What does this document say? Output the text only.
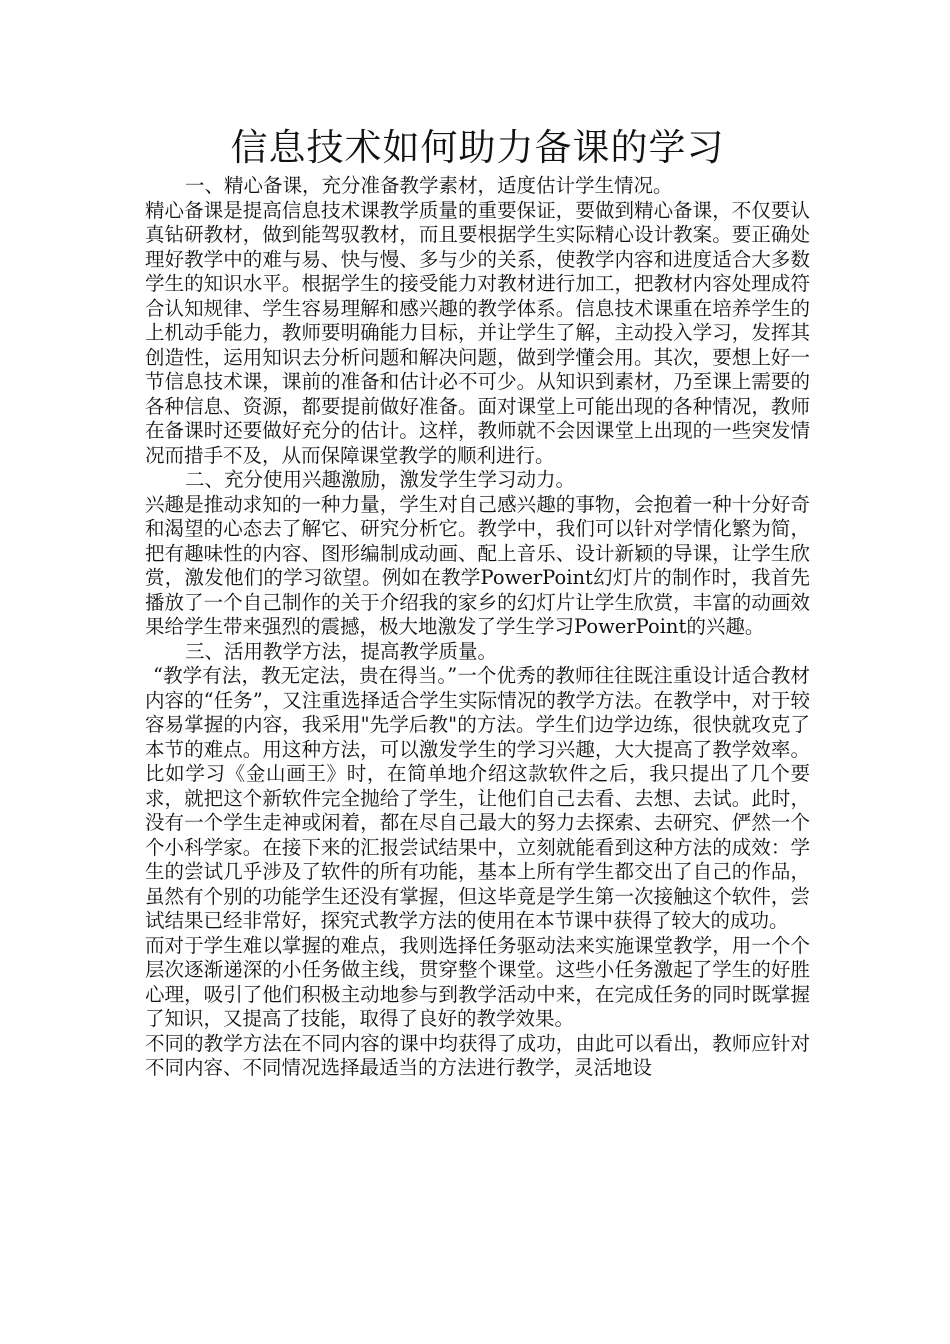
信息技术如何助力备课的学习

一、精心备课，充分准备教学素材，适度估计学生情况。

精心备课是提高信息技术课教学质量的重要保证，要做到精心备课，不仅要认真钻研教材，做到能驾驭教材，而且要根据学生实际精心设计教案。要正确处理好教学中的难与易、快与慢、多与少的关系，使教学内容和进度适合大多数学生的知识水平。根据学生的接受能力对教材进行加工，把教材内容处理成符合认知规律、学生容易理解和感兴趣的教学体系。信息技术课重在培养学生的上机动手能力，教师要明确能力目标，并让学生了解，主动投入学习，发挥其创造性，运用知识去分析问题和解决问题，做到学懂会用。其次，要想上好一节信息技术课，课前的准备和估计必不可少。从知识到素材，乃至课上需要的各种信息、资源，都要提前做好准备。面对课堂上可能出现的各种情况，教师在备课时还要做好充分的估计。这样，教师就不会因课堂上出现的一些突发情况而措手不及，从而保障课堂教学的顺利进行。

二、充分使用兴趣激励，激发学生学习动力。

兴趣是推动求知的一种力量，学生对自己感兴趣的事物，会抱着一种十分好奇和渴望的心态去了解它、研究分析它。教学中，我们可以针对学情化繁为简，把有趣味性的内容、图形编制成动画、配上音乐、设计新颖的导课，让学生欣赏，激发他们的学习欲望。例如在教学PowerPoint幻灯片的制作时，我首先播放了一个自己制作的关于介绍我的家乡的幻灯片让学生欣赏，丰富的动画效果给学生带来强烈的震撼，极大地激发了学生学习PowerPoint的兴趣。

三、活用教学方法，提高教学质量。

“教学有法，教无定法，贵在得当。”一个优秀的教师往往既注重设计适合教材内容的“任务”，又注重选择适合学生实际情况的教学方法。在教学中，对于较容易掌握的内容，我采用"先学后教"的方法。学生们边学边练，很快就攻克了本节的难点。用这种方法，可以激发学生的学习兴趣，大大提高了教学效率。比如学习《金山画王》时，在简单地介绍这款软件之后，我只提出了几个要求，就把这个新软件完全抛给了学生，让他们自己去看、去想、去试。此时，没有一个学生走神或闲着，都在尽自己最大的努力去探索、去研究、俨然一个个小科学家。在接下来的汇报尝试结果中，立刻就能看到这种方法的成效：学生的尝试几乎涉及了软件的所有功能，基本上所有学生都交出了自己的作品，虽然有个别的功能学生还没有掌握，但这毕竟是学生第一次接触这个软件，尝试结果已经非常好，探究式教学方法的使用在本节课中获得了较大的成功。

而对于学生难以掌握的难点，我则选择任务驱动法来实施课堂教学，用一个个层次逐渐递深的小任务做主线，贯穿整个课堂。这些小任务激起了学生的好胜心理，吸引了他们积极主动地参与到教学活动中来，在完成任务的同时既掌握了知识，又提高了技能，取得了良好的教学效果。

不同的教学方法在不同内容的课中均获得了成功，由此可以看出，教师应针对不同内容、不同情况选择最适当的方法进行教学，灵活地设
